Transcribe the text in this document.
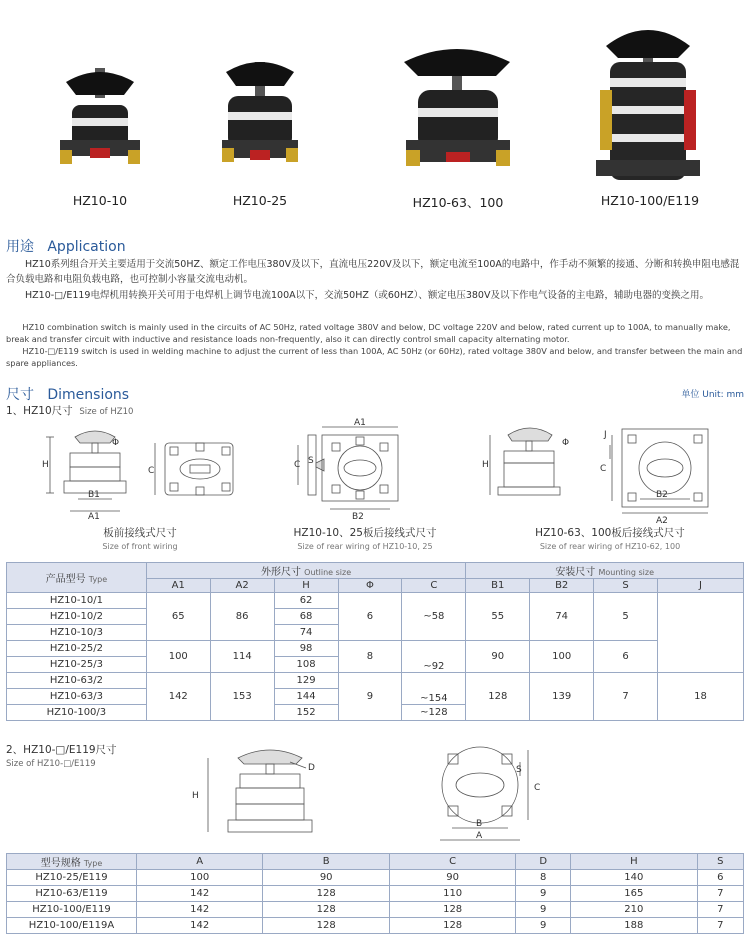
HZ10-10	HZ10-25	HZ10-63、100	HZ10-100/E119
用途 Application
HZ10系列组合开关主要适用于交流50HZ、额定工作电压380V及以下，直流电压220V及以下，额定电流至100A的电路中，作手动不频繁的接通、分断和转换申阻电感混合负载电路和电阻负载电路，也可控制小容量交流电动机。
HZ10-□/E119电焊机用转换开关可用于电焊机上调节电流100A以下，交流50HZ（或60HZ）、额定电压380V及以下作电气设备的主电路，辅助电器的变换之用。
HZ10 combination switch is mainly used in the circuits of AC 50Hz, rated voltage 380V and below, DC voltage 220V and below, rated current up to 100A, to manually make, break and transfer circuit with inductive and resistance loads non-frequently, also it can directly control small capacity alternating motor.
HZ10-□/E119 switch is used in welding machine to adjust the current of less than 100A, AC 50Hz (or 60Hz), rated voltage 380V and below, and transfer between the main and spare appliances.
尺寸 Dimensions	单位 Unit: mm
1、HZ10尺寸 Size of HZ10
H
B1
A1
Φ
C
C S
A1
B2
H
Φ
J
C
B2
A2
板前接线式尺寸
Size of front wiring
HZ10-10、25板后接线式尺寸
Size of rear wiring of HZ10-10, 25
HZ10-63、100板后接线式尺寸
Size of rear wiring of HZ10-62, 100
产品型号 Type	外形尺寸 Outline size					安装尺寸 Mounting size			
	A1	A2	H	Φ	C	B1	B2	S	J
HZ10-10/1	65	86	62	6	~58	55	74	5	
HZ10-10/2			68						
HZ10-10/3			74						
HZ10-25/2	100	114	98	8	~92	90	100	6	
HZ10-25/3			108						
HZ10-63/2	142	153	129	9	~154	128	139	7	18
HZ10-63/3			144						
HZ10-100/3			152		~128				
2、HZ10-□/E119尺寸
Size of HZ10-□/E119
H
D	S
C
B
A
型号规格 Type	A	B	C	D	H	S
HZ10-25/E119	100	90	90	8	140	6
HZ10-63/E119	142	128	110	9	165	7
HZ10-100/E119	142	128	128	9	210	7
HZ10-100/E119A	142	128	128	9	188	7
